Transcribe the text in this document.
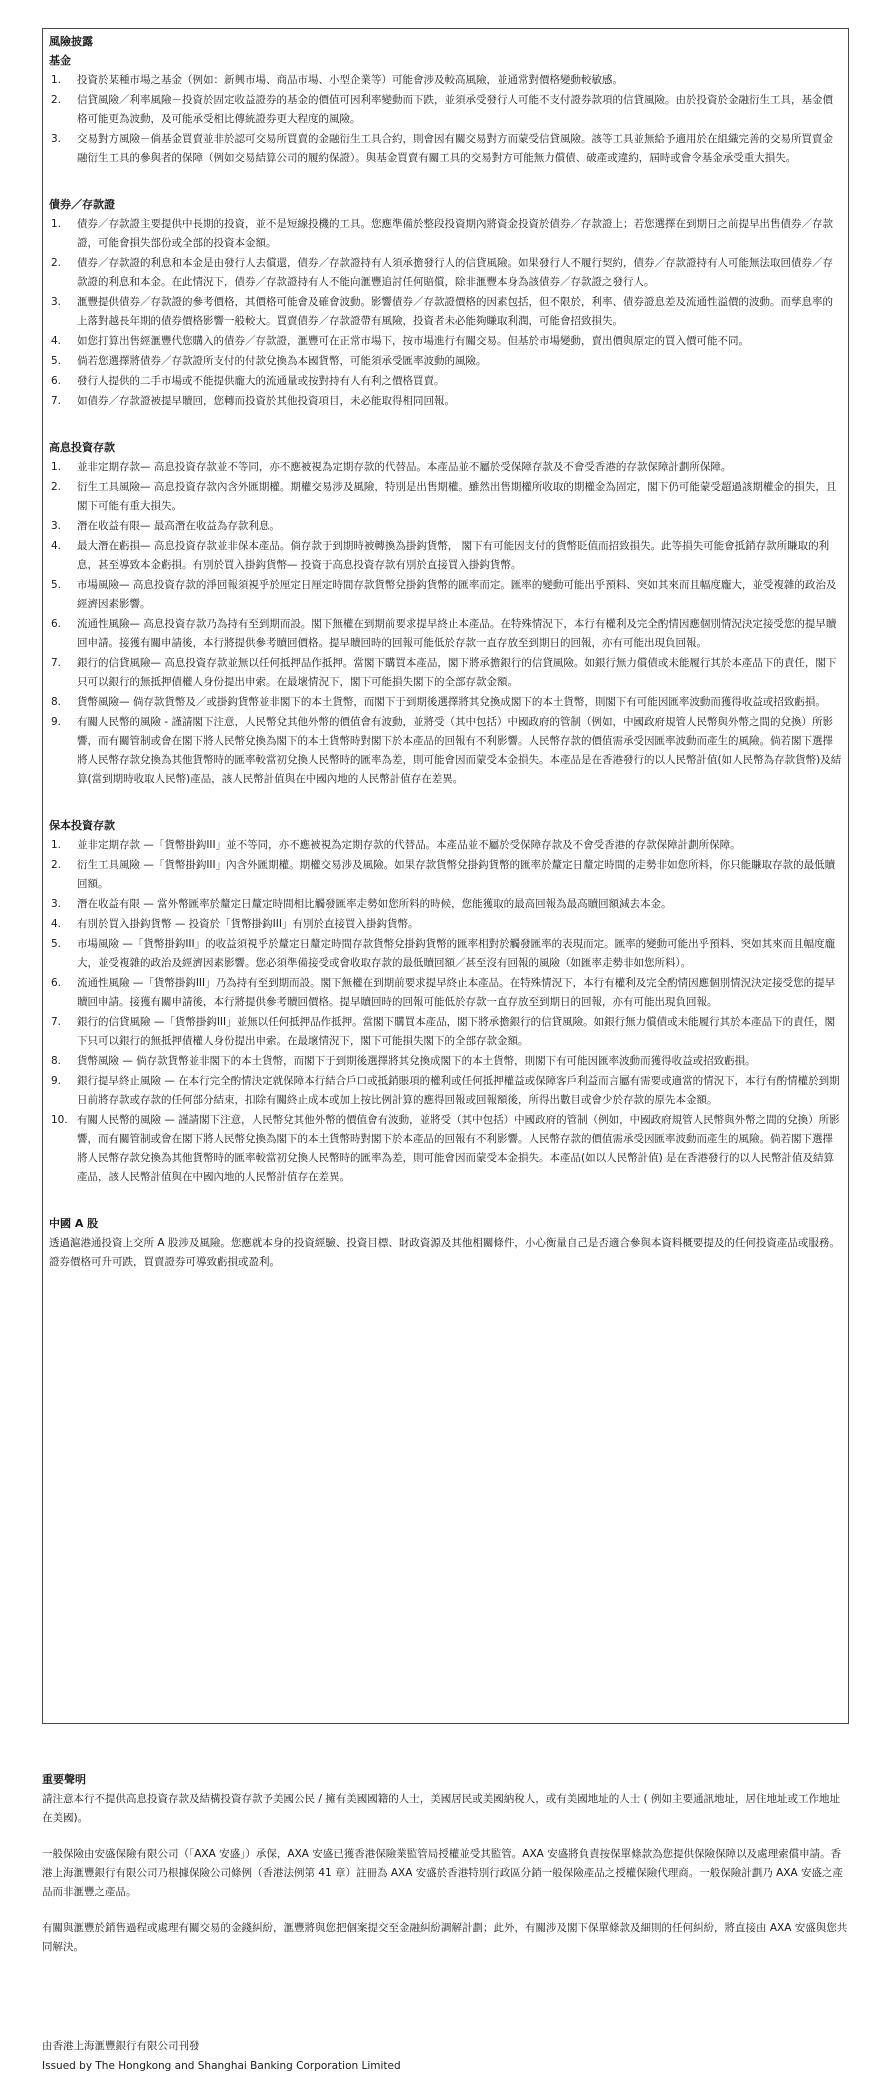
風險披露
基金
1. 投資於某種市場之基金（例如：新興市場、商品市場、小型企業等）可能會涉及較高風險，並通常對價格變動較敏感。
2. 信貸風險／利率風險－投資於固定收益證券的基金的價值可因利率變動而下跌，並須承受發行人可能不支付證券款項的信貸風險。由於投資於金融衍生工具，基金價格可能更為波動，及可能承受相比傳統證券更大程度的風險。
3. 交易對方風險－倘基金買賣並非於認可交易所買賣的金融衍生工具合約，則會因有關交易對方而蒙受信貸風險。該等工具並無給予適用於在組織完善的交易所買賣金融衍生工具的參與者的保障（例如交易結算公司的履約保證）。與基金買賣有關工具的交易對方可能無力償債、破產或違約，屆時或會令基金承受重大損失。
債券／存款證
1. 債券／存款證主要提供中長期的投資，並不是短線投機的工具。您應準備於整段投資期內將資金投資於債券／存款證上；若您選擇在到期日之前提早出售債券／存款證，可能會損失部份或全部的投資本金額。
2. 債券／存款證的利息和本金是由發行人去償還，債券／存款證持有人須承擔發行人的信貸風險。如果發行人不履行契約，債券／存款證持有人可能無法取回債券／存款證的利息和本金。在此情況下，債券／存款證持有人不能向滙豐追討任何賠償，除非滙豐本身為該債券／存款證之發行人。
3. 滙豐提供債券／存款證的參考價格，其價格可能會及確會波動。影響債券／存款證價格的因素包括，但不限於，利率、債券證息差及流通性溢價的波動。而孳息率的上落對越長年期的債券價格影響一般較大。買賣債券／存款證帶有風險，投資者未必能夠賺取利潤，可能會招致損失。
4. 如您打算出售經滙豐代您購入的債券／存款證，滙豐可在正常市場下，按市場進行有關交易。但基於市場變動，賣出價與原定的買入價可能不同。
5. 倘若您選擇將債券／存款證所支付的付款兌換為本國貨幣，可能須承受匯率波動的風險。
6. 發行人提供的二手市場或不能提供龐大的流通量或按對持有人有利之價格買賣。
7. 如債券／存款證被提早贖回，您轉而投資於其他投資項目，未必能取得相同回報。
高息投資存款
1. 並非定期存款— 高息投資存款並不等同，亦不應被視為定期存款的代替品。本產品並不屬於受保障存款及不會受香港的存款保障計劃所保障。
2. 衍生工具風險— 高息投資存款內含外匯期權。期權交易涉及風險，特別是出售期權。雖然出售期權所收取的期權金為固定，閣下仍可能蒙受超過該期權金的損失，且閣下可能有重大損失。
3. 潛在收益有限— 最高潛在收益為存款利息。
4. 最大潛在虧損— 高息投資存款並非保本產品。倘存款于到期時被轉換為掛鈎貨幣， 閣下有可能因支付的貨幣貶值而招致損失。此等損失可能會抵銷存款所賺取的利息，甚至導致本金虧損。有別於買入掛鈎貨幣— 投資于高息投資存款有別於直接買入掛鈎貨幣。
5. 市場風險— 高息投資存款的淨回報須視乎於厘定日厘定時間存款貨幣兌掛鈎貨幣的匯率而定。匯率的變動可能出乎預料、突如其來而且幅度龐大，並受複雜的政治及經濟因素影響。
6. 流通性風險— 高息投資存款乃為持有至到期而設。閣下無權在到期前要求提早終止本產品。在特殊情況下，本行有權利及完全酌情因應個別情況決定接受您的提早贖回申請。接獲有關申請後，本行將提供參考贖回價格。提早贖回時的回報可能低於存款一直存放至到期日的回報，亦有可能出現負回報。
7. 銀行的信貸風險— 高息投資存款並無以任何抵押品作抵押。當閣下購買本產品，閣下將承擔銀行的信貸風險。如銀行無力償債或未能履行其於本產品下的責任，閣下只可以銀行的無抵押債權人身份提出申索。在最壞情況下，閣下可能損失閣下的全部存款金額。
8. 貨幣風險— 倘存款貨幣及／或掛鈎貨幣並非閣下的本土貨幣，而閣下于到期後選擇將其兌換成閣下的本土貨幣，則閣下有可能因匯率波動而獲得收益或招致虧損。
9. 有關人民幣的風險 - 謹請閣下注意，人民幣兌其他外幣的價值會有波動，並將受（其中包括）中國政府的管制（例如，中國政府規管人民幣與外幣之間的兌換）所影響，而有關管制或會在閣下將人民幣兌換為閣下的本土貨幣時對閣下於本產品的回報有不利影響。人民幣存款的價值需承受因匯率波動而產生的風險。倘若閣下選擇將人民幣存款兌換為其他貨幣時的匯率較當初兌換人民幣時的匯率為差，則可能會因而蒙受本金損失。本產品是在香港發行的以人民幣計值(如人民幣為存款貨幣)及結算(當到期時收取人民幣)產品，該人民幣計值與在中國內地的人民幣計值存在差異。
保本投資存款
1. 並非定期存款 —「貨幣掛鈎III」並不等同，亦不應被視為定期存款的代替品。本產品並不屬於受保障存款及不會受香港的存款保障計劃所保障。
2. 衍生工具風險 —「貨幣掛鈎III」內含外匯期權。期權交易涉及風險。如果存款貨幣兌掛鈎貨幣的匯率於釐定日釐定時間的走勢非如您所料，你只能賺取存款的最低贖回額。
3. 潛在收益有限 — 當外幣匯率於釐定日釐定時間相比觸發匯率走勢如您所料的時候，您能獲取的最高回報為最高贖回額減去本金。
4. 有別於買入掛鈎貨幣 — 投資於「貨幣掛鈎III」有別於直接買入掛鈎貨幣。
5. 市場風險 —「貨幣掛鈎III」的收益須視乎於釐定日釐定時間存款貨幣兌掛鈎貨幣的匯率相對於觸發匯率的表現而定。匯率的變動可能出乎預料、突如其來而且幅度龐大，並受複雜的政治及經濟因素影響。您必須準備接受或會收取存款的最低贖回額／甚至沒有回報的風險（如匯率走勢非如您所料）。
6. 流通性風險 —「貨幣掛鈎III」乃為持有至到期而設。閣下無權在到期前要求提早終止本產品。在特殊情況下，本行有權利及完全酌情因應個別情況決定接受您的提早贖回申請。接獲有關申請後，本行將提供參考贖回價格。提早贖回時的回報可能低於存款一直存放至到期日的回報，亦有可能出現負回報。
7. 銀行的信貸風險 —「貨幣掛鈎III」並無以任何抵押品作抵押。當閣下購買本產品，閣下將承擔銀行的信貸風險。如銀行無力償債或未能履行其於本產品下的責任，閣下只可以銀行的無抵押債權人身份提出申索。在最壞情況下，閣下可能損失閣下的全部存款金額。
8. 貨幣風險 — 倘存款貨幣並非閣下的本土貨幣，而閣下于到期後選擇將其兌換成閣下的本土貨幣，則閣下有可能因匯率波動而獲得收益或招致虧損。
9. 銀行提早終止風險 — 在本行完全酌情決定就保障本行結合戶口或抵銷賬項的權利或任何抵押權益或保障客戶利益而言屬有需要或適當的情況下，本行有酌情權於到期日前將存款或存款的任何部分結束，扣除有關終止成本或加上按比例計算的應得回報或回報額後，所得出數目或會少於存款的原先本金額。
10. 有關人民幣的風險 — 謹請閣下注意，人民幣兌其他外幣的價值會有波動，並將受（其中包括）中國政府的管制（例如，中國政府規管人民幣與外幣之間的兌換）所影響，而有關管制或會在閣下將人民幣兌換為閣下的本土貨幣時對閣下於本產品的回報有不利影響。人民幣存款的價值需承受因匯率波動而產生的風險。倘若閣下選擇將人民幣存款兌換為其他貨幣時的匯率較當初兌換人民幣時的匯率為差，則可能會因而蒙受本金損失。本產品(如以人民幣計值) 是在香港發行的以人民幣計值及結算產品，該人民幣計值與在中國內地的人民幣計值存在差異。
中國 A 股

透過滬港通投資上交所 A 股涉及風險。您應就本身的投資經驗、投資目標、財政資源及其他相關條件，小心衡量自己是否適合參與本資料概要提及的任何投資產品或服務。證券價格可升可跌，買賣證券可導致虧損或盈利。

重要聲明

請注意本行不提供高息投資存款及結構投資存款予美國公民 / 擁有美國國籍的人士，美國居民或美國納稅人，或有美國地址的人士 ( 例如主要通訊地址，居住地址或工作地址在美國)。

一般保險由安盛保險有限公司（「AXA 安盛」）承保，AXA 安盛已獲香港保險業監管局授權並受其監管。AXA 安盛將負責按保單條款為您提供保險保障以及處理索償申請。香港上海滙豐銀行有限公司乃根據保險公司條例（香港法例第 41 章）註冊為 AXA 安盛於香港特別行政區分銷一般保險產品之授權保險代理商。一般保險計劃乃 AXA 安盛之產品而非滙豐之產品。

有關與滙豐於銷售過程或處理有關交易的金錢糾紛，滙豐將與您把個案提交至金融糾紛調解計劃；此外，有關涉及閣下保單條款及細則的任何糾紛，將直接由 AXA 安盛與您共同解決。

由香港上海滙豐銀行有限公司刊發
Issued by The Hongkong and Shanghai Banking Corporation Limited
